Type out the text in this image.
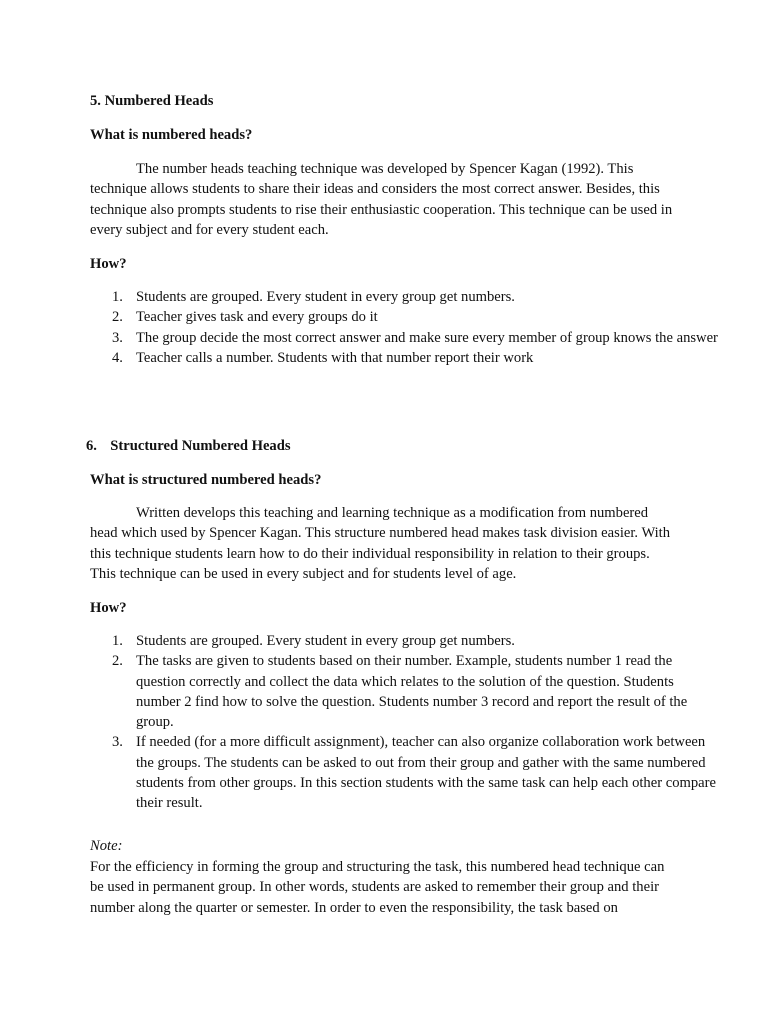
5. Numbered Heads

What is numbered heads?

The number heads teaching technique was developed by Spencer Kagan (1992). This technique allows students to share their ideas and considers the most correct answer. Besides, this technique also prompts students to rise their enthusiastic cooperation. This technique can be used in every subject and for every student each.

How?

1. Students are grouped. Every student in every group get numbers.
2. Teacher gives task and every groups do it
3. The group decide the most correct answer and make sure every member of group knows the answer
4. Teacher calls a number. Students with that number report their work

6. Structured Numbered Heads

What is structured numbered heads?

Written develops this teaching and learning technique as a modification from numbered head which used by Spencer Kagan. This structure numbered head makes task division easier. With this technique students learn how to do their individual responsibility in relation to their groups. This technique can be used in every subject and for students level of age.

How?

1. Students are grouped. Every student in every group get numbers.
2. The tasks are given to students based on their number. Example, students number 1 read the question correctly and collect the data which relates to the solution of the question. Students number 2 find how to solve the question. Students number 3 record and report the result of the group.
3. If needed (for a more difficult assignment), teacher can also organize collaboration work between the groups. The students can be asked to out from their group and gather with the same numbered students from other groups. In this section students with the same task can help each other compare their result.

Note:

For the efficiency in forming the group and structuring the task, this numbered head technique can be used in permanent group. In other words, students are asked to remember their group and their number along the quarter or semester. In order to even the responsibility, the task based on
